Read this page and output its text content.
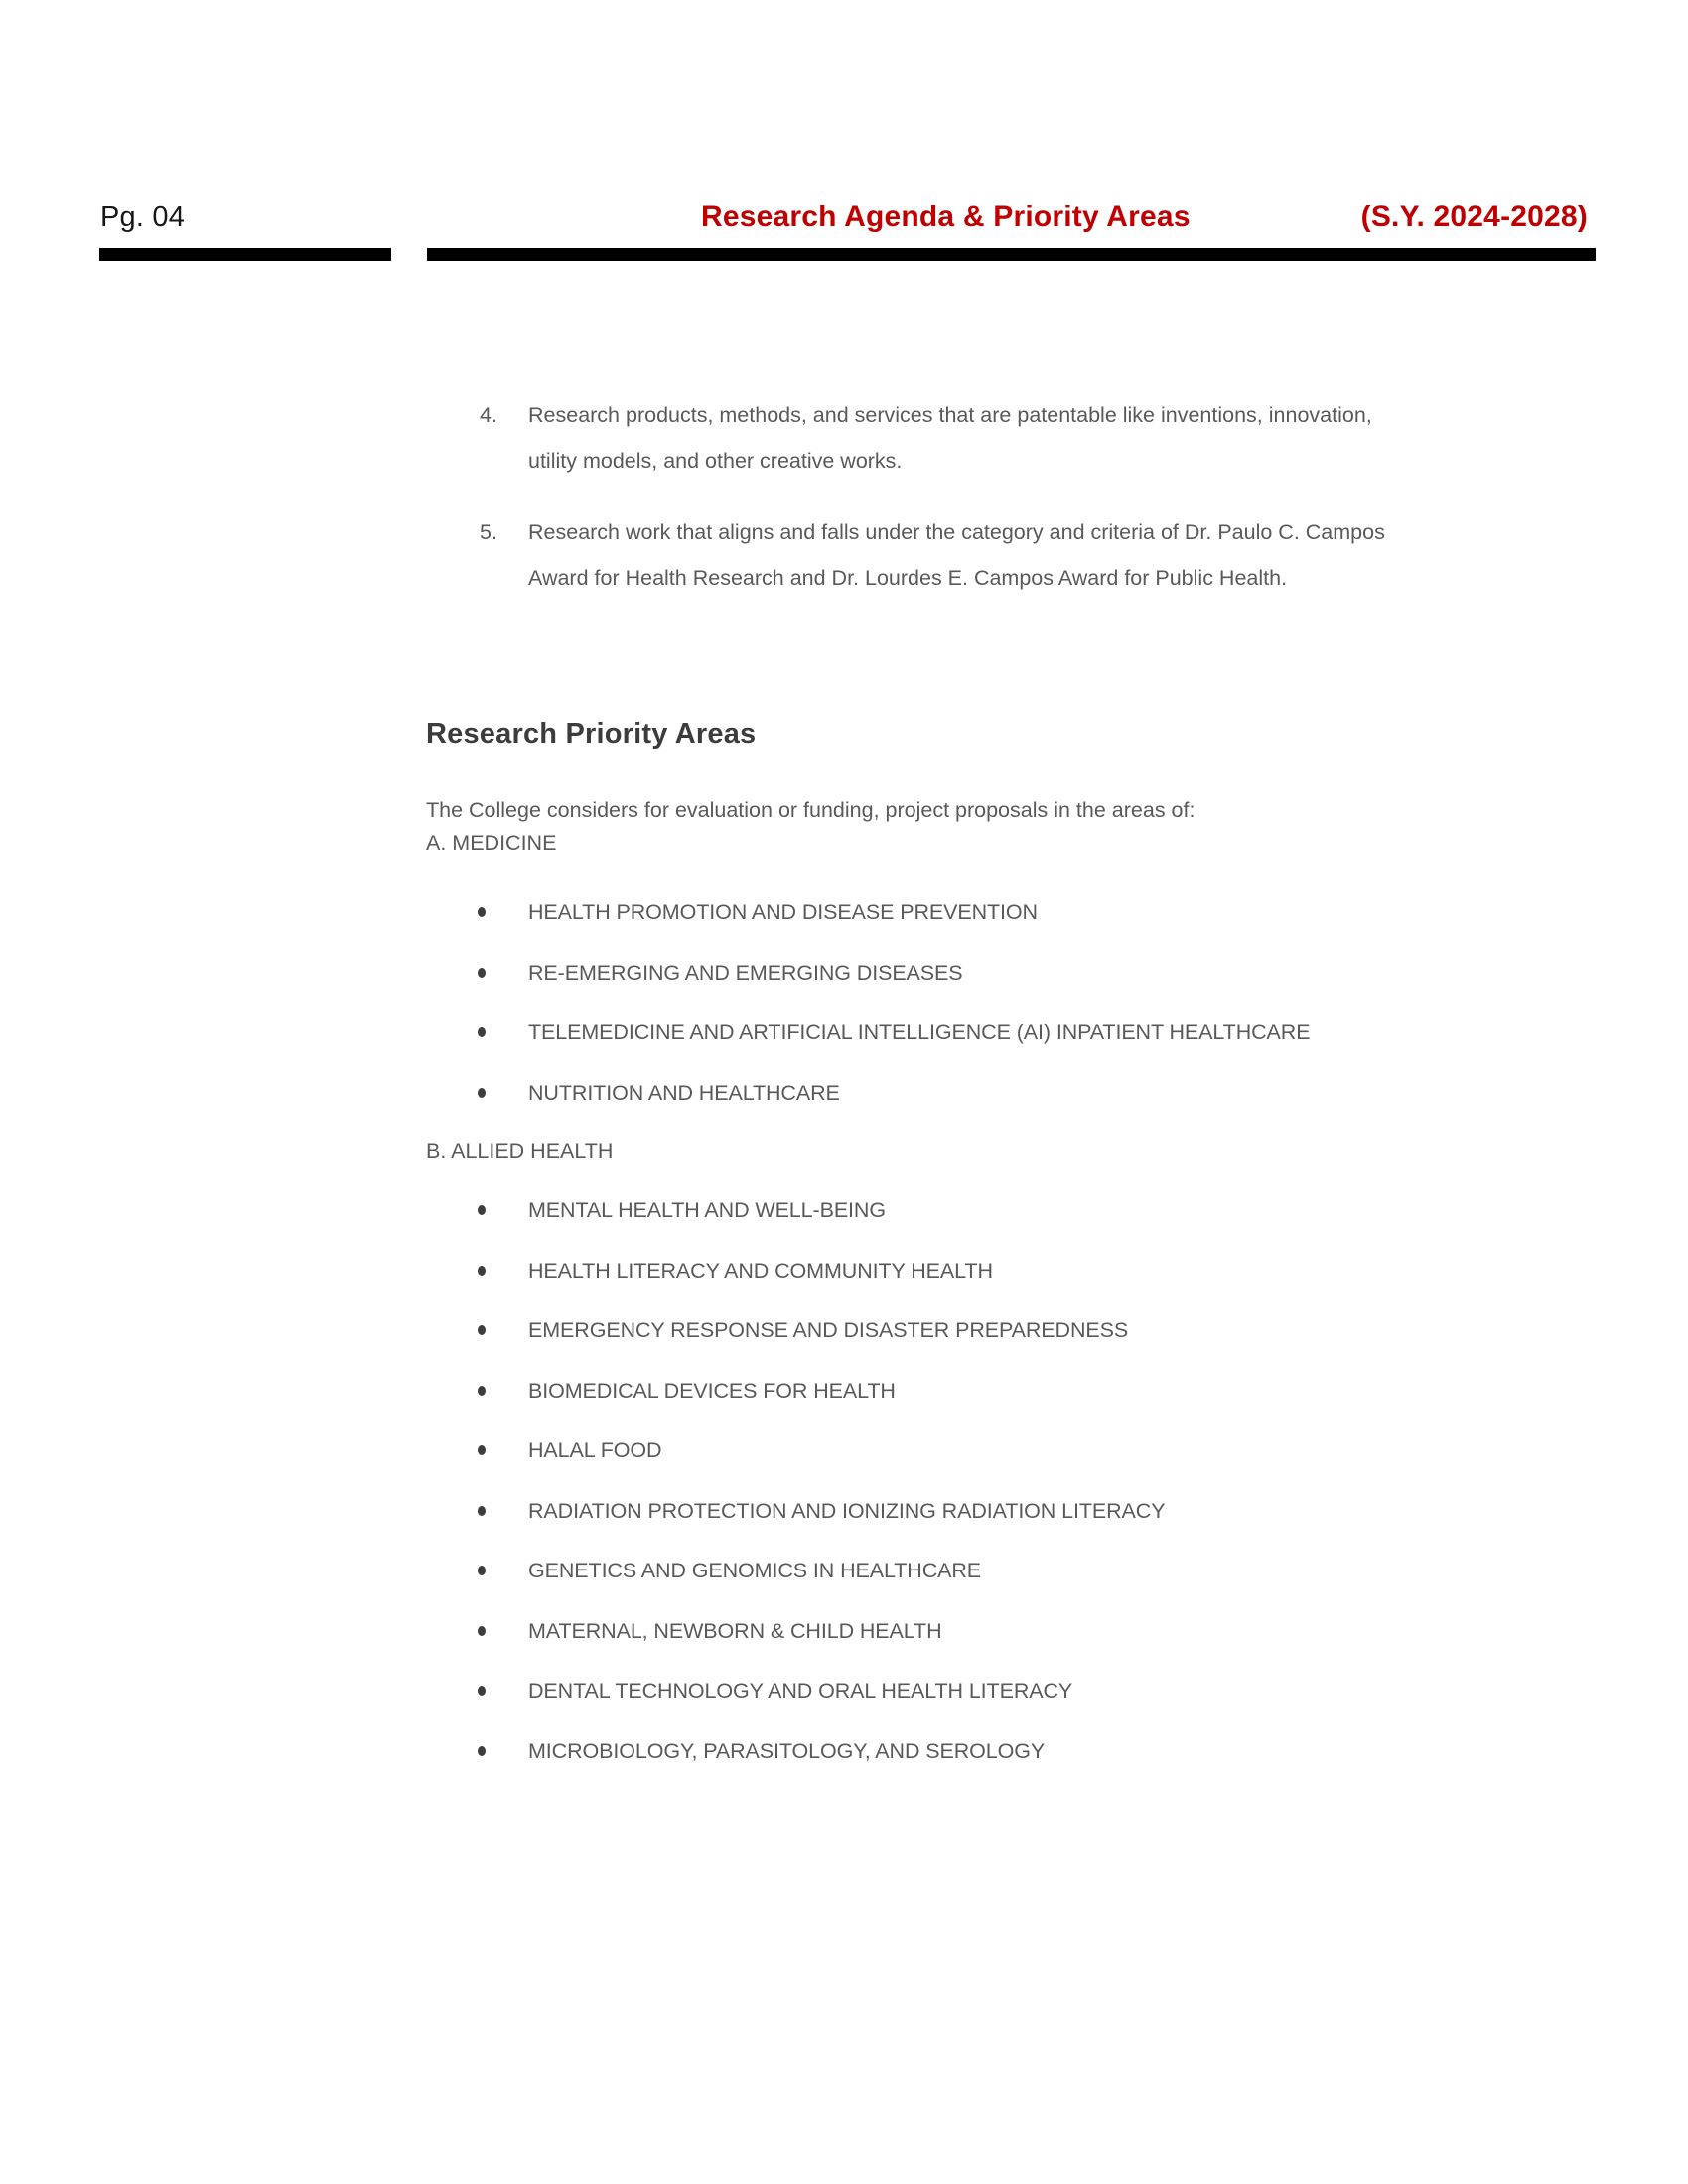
Pg. 04	Research Agenda & Priority Areas	(S.Y. 2024-2028)
4.	Research products, methods, and services that are patentable like inventions, innovation,
utility models, and other creative works.
5.	Research work that aligns and falls under the category and criteria of Dr. Paulo C. Campos
Award for Health Research and Dr. Lourdes E. Campos Award for Public Health.
Research Priority Areas
The College considers for evaluation or funding, project proposals in the areas of:
A. MEDICINE
HEALTH PROMOTION AND DISEASE PREVENTION
RE-EMERGING AND EMERGING DISEASES
TELEMEDICINE AND ARTIFICIAL INTELLIGENCE (AI) INPATIENT HEALTHCARE
NUTRITION AND HEALTHCARE
B. ALLIED HEALTH
MENTAL HEALTH AND WELL-BEING
HEALTH LITERACY AND COMMUNITY HEALTH
EMERGENCY RESPONSE AND DISASTER PREPAREDNESS
BIOMEDICAL DEVICES FOR HEALTH
HALAL FOOD
RADIATION PROTECTION AND IONIZING RADIATION LITERACY
GENETICS AND GENOMICS IN HEALTHCARE
MATERNAL, NEWBORN & CHILD HEALTH
DENTAL TECHNOLOGY AND ORAL HEALTH LITERACY
MICROBIOLOGY, PARASITOLOGY, AND SEROLOGY
